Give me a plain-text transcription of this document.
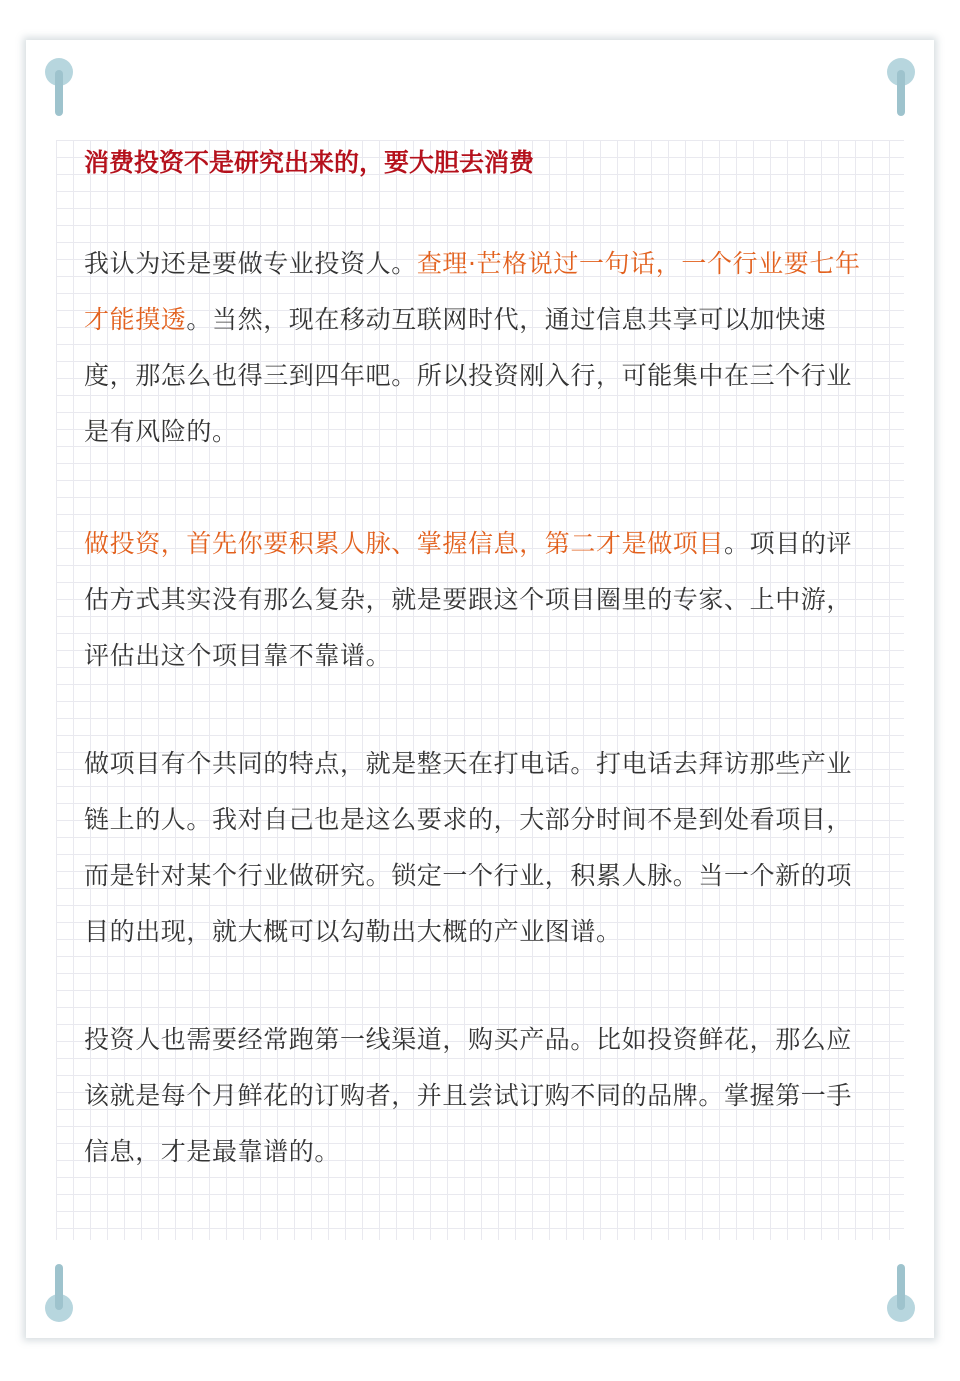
消费投资不是研究出来的，要大胆去消费

我认为还是要做专业投资人。查理·芒格说过一句话，一个行业要七年才能摸透。当然，现在移动互联网时代，通过信息共享可以加快速度，那怎么也得三到四年吧。所以投资刚入行，可能集中在三个行业是有风险的。

做投资，首先你要积累人脉、掌握信息，第二才是做项目。项目的评估方式其实没有那么复杂，就是要跟这个项目圈里的专家、上中游，评估出这个项目靠不靠谱。

做项目有个共同的特点，就是整天在打电话。打电话去拜访那些产业链上的人。我对自己也是这么要求的，大部分时间不是到处看项目，而是针对某个行业做研究。锁定一个行业，积累人脉。当一个新的项目的出现，就大概可以勾勒出大概的产业图谱。

投资人也需要经常跑第一线渠道，购买产品。比如投资鲜花，那么应该就是每个月鲜花的订购者，并且尝试订购不同的品牌。掌握第一手信息，才是最靠谱的。
